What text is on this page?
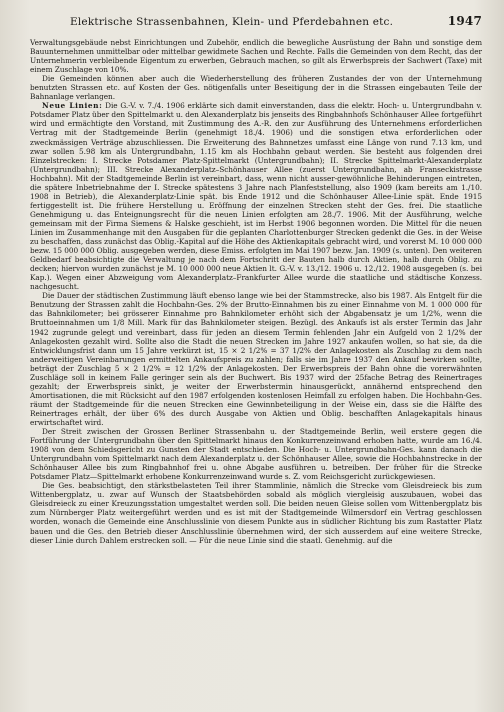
Elektrische Strassenbahnen, Klein- und Pferdebahnen etc.	1947

Verwaltungsgebäude nebst Einrichtungen und Zubehör, endlich die bewegliche Ausrüstung der Bahn und sonstige dem Bauunternehmen unmittelbar oder mittelbar gewidmete Sachen und Rechte. Falls die Gemeinden von dem Recht, das der Unternehmerin verbleibende Eigentum zu erwerben, Gebrauch machen, so gilt als Erwerbspreis der Sachwert (Taxe) mit einem Zuschlage von 10%.

Die Gemeinden können aber auch die Wiederherstellung des früheren Zustandes der von der Unternehmung benutzten Strassen etc. auf Kosten der Ges. nötigenfalls unter Beseitigung der in die Strassen eingebauten Teile der Bahnanlage verlangen.

Neue Linien: Die G.-V. v. 7./4. 1906 erklärte sich damit einverstanden, dass die elektr. Hoch- u. Untergrundbahn v. Potsdamer Platz über den Spittelmarkt u. den Alexanderplatz bis jenseits des Ringbahnhofs Schönhauser Allee fortgeführt wird und ermächtigte den Vorstand, mit Zustimmung des A.-R. den zur Ausführung des Unternehmens erforderlichen Vertrag mit der Stadtgemeinde Berlin (genehmigt 18./4. 1906) und die sonstigen etwa erforderlichen oder zweckmässigen Verträge abzuschliessen. Die Erweiterung des Bahnnetzes umfasst eine Länge von rund 7.13 km, und zwar sollen 5.98 km als Untergrundbahn, 1.15 km als Hochbahn gebaut werden. Sie besteht aus folgenden drei Einzelstrecken: I. Strecke Potsdamer Platz-Spittelmarkt (Untergrundbahn); II. Strecke Spittelmarkt-Alexanderplatz (Untergrundbahn); III. Strecke Alexanderplatz–Schönhauser Allee (zuerst Untergrundbahn, ab Franseckistrasse Hochbahn). Mit der Stadtgemeinde Berlin ist vereinbart, dass, wenn nicht ausser-gewöhnliche Behinderungen eintreten, die spätere Inbetriebnahme der I. Strecke spätestens 3 Jahre nach Planfeststellung, also 1909 (kam bereits am 1./10. 1908 in Betrieb), die Alexanderplatz-Linie spät. bis Ende 1912 und die Schönhauser Allee-Linie spät. Ende 1915 fertiggestellt ist. Die frühere Herstellung u. Eröffnung der einzelnen Strecken steht der Ges. frei. Die staatliche Genehmigung u. das Enteignungsrecht für die neuen Linien erfolgten am 28./7. 1906. Mit der Ausführung, welche gemeinsam mit der Firma Siemens & Halske geschieht, ist im Herbst 1906 begonnen worden. Die Mittel für die neuen Linien im Zusammenhange mit den Ausgaben für die geplanten Charlottenburger Strecken gedenkt die Ges. in der Weise zu beschaffen, dass zunächst das Oblig.-Kapital auf die Höhe des Aktienkapitals gebracht wird, und vorerst M. 10 000 000 bezw. 15 000 000 Oblig. ausgegeben werden, diese Emiss. erfolgten im Mai 1907 bezw. Jan. 1909 (s. unten). Den weiteren Geldbedarf beabsichtigte die Verwaltung je nach dem Fortschritt der Bauten halb durch Aktien, halb durch Oblig. zu decken; hiervon wurden zunächst je M. 10 000 000 neue Aktien lt. G.-V. v. 13./12. 1906 u. 12./12. 1908 ausgegeben (s. bei Kap.). Wegen einer Abzweigung vom Alexanderplatz–Frankfurter Allee wurde die staatliche und städtische Konzess. nachgesucht.

Die Dauer der städtischen Zustimmung läuft ebenso lange wie bei der Stammstrecke, also bis 1987. Als Entgelt für die Benutzung der Strassen zahlt die Hochbahn-Ges. 2% der Brutto-Einnahmen bis zu einer Einnahme von M. 1 000 000 für das Bahnkilometer; bei grösserer Einnahme pro Bahnkilometer erhöht sich der Abgabensatz je um 1/2%, wenn die Bruttoeinnahmen um 1/8 Mill. Mark für das Bahnkilometer steigen. Bezügl. des Ankaufs ist als erster Termin das Jahr 1942 zugrunde gelegt und vereinbart, dass für jeden an diesem Termin fehlenden Jahr ein Aufgeld von 2 1/2% der Anlagekosten gezahlt wird. Sollte also die Stadt die neuen Strecken im Jahre 1927 ankaufen wollen, so hat sie, da die Entwicklungsfrist dann um 15 Jahre verkürzt ist, 15 × 2 1/2% = 37 1/2% der Anlagekosten als Zuschlag zu dem nach anderweitigen Vereinbarungen ermittelten Ankaufspreis zu zahlen; falls sie im Jahre 1937 den Ankauf bewirken sollte, beträgt der Zuschlag 5 × 2 1/2% = 12 1/2% der Anlagekosten. Der Erwerbspreis der Bahn ohne die vorerwähnten Zuschläge soll in keinem Falle geringer sein als der Buchwert. Bis 1937 wird der 25fache Betrag des Reinertrages gezahlt; der Erwerbspreis sinkt, je weiter der Erwerbstermin hinausgerückt, annähernd entsprechend den Amortisationen, die mit Rücksicht auf den 1987 erfolgenden kostenlosen Heimfall zu erfolgen haben. Die Hochbahn-Ges. räumt der Stadtgemeinde für die neuen Strecken eine Gewinnbeteiligung in der Weise ein, dass sie die Hälfte des Reinertrages erhält, der über 6% des durch Ausgabe von Aktien und Oblig. beschafften Anlagekapitals hinaus erwirtschaftet wird.

Der Streit zwischen der Grossen Berliner Strassenbahn u. der Stadtgemeinde Berlin, weil erstere gegen die Fortführung der Untergrundbahn über den Spittelmarkt hinaus den Konkurrenzeinwand erhoben hatte, wurde am 16./4. 1908 von dem Schiedsgericht zu Gunsten der Stadt entschieden. Die Hoch- u. Untergrundbahn-Ges. kann danach die Untergrundbahn vom Spittelmarkt nach dem Alexanderplatz u. der Schönhauser Allee, sowie die Hochbahnstrecke in der Schönhauser Allee bis zum Ringbahnhof frei u. ohne Abgabe ausführen u. betreiben. Der früher für die Strecke Potsdamer Platz—Spittelmarkt erhobene Konkurrenzeinwand wurde s. Z. vom Reichsgericht zurückgewiesen.

Die Ges. beabsichtigt, den stärkstbelasteten Teil ihrer Stammlinie, nämlich die Strecke vom Gleisdreieck bis zum Wittenbergplatz, u. zwar auf Wunsch der Staatsbehörden sobald als möglich viergleisig auszubauen, wobei das Gleisdreieck zu einer Kreuzungsstation umgestaltet werden soll. Die beiden neuen Gleise sollen vom Wittenbergplatz bis zum Nürnberger Platz weitergeführt werden und es ist mit der Stadtgemeinde Wilmersdorf ein Vertrag geschlossen worden, wonach die Gemeinde eine Anschlusslinie von diesem Punkte aus in südlicher Richtung bis zum Rastatter Platz bauen und die Ges. den Betrieb dieser Anschlusslinie übernehmen wird, der sich ausserdem auf eine weitere Strecke, dieser Linie durch Dahlem erstrecken soll. — Für die neue Linie sind die staatl. Genehmig. auf die
